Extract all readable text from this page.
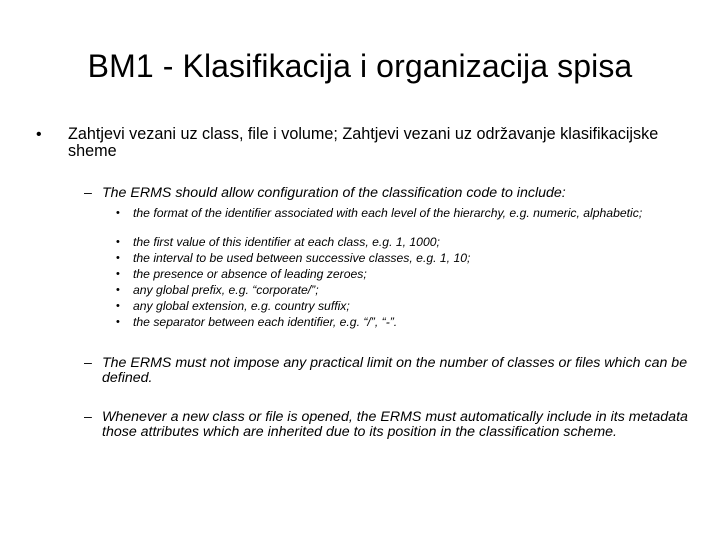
BM1 - Klasifikacija i organizacija spisa
•	Zahtjevi vezani uz class, file i volume; Zahtjevi vezani uz održavanje klasifikacijske sheme
– The ERMS should allow configuration of the classification code to include:
•	the format of the identifier associated with each level of the hierarchy, e.g. numeric, alphabetic;
•	the first value of this identifier at each class, e.g. 1, 1000;
•	the interval to be used between successive classes, e.g. 1, 10;
•	the presence or absence of leading zeroes;
•	any global prefix, e.g. “corporate/”;
•	any global extension, e.g. country suffix;
•	the separator between each identifier, e.g. “/”, “-”.
– The ERMS must not impose any practical limit on the number of classes or files which can be defined.
– Whenever a new class or file is opened, the ERMS must automatically include in its metadata those attributes which are inherited due to its position in the classification scheme.
